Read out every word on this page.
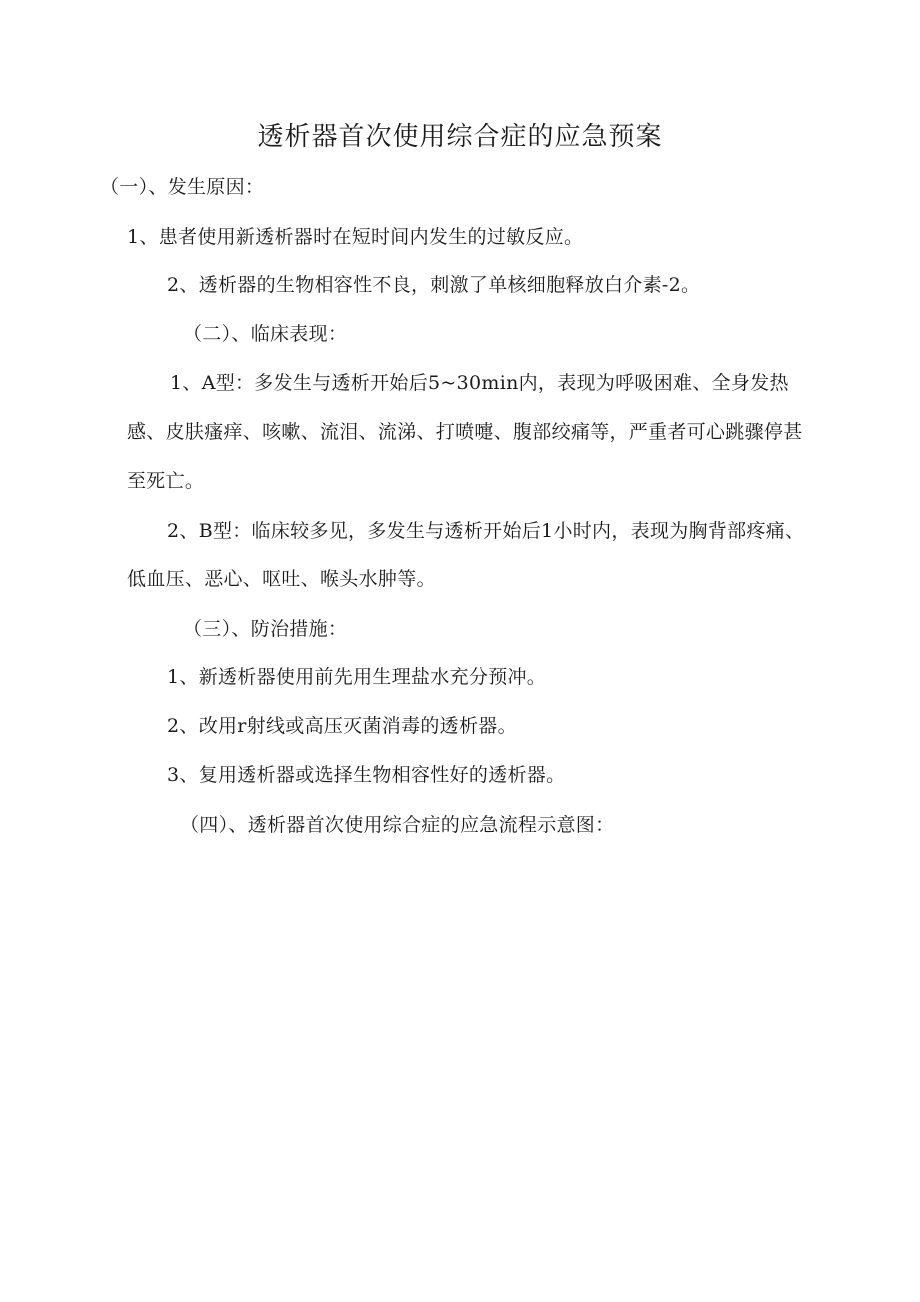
透析器首次使用综合症的应急预案
（一）、发生原因：
1、患者使用新透析器时在短时间内发生的过敏反应。
2、透析器的生物相容性不良，刺激了单核细胞释放白介素-2。
（二）、临床表现：
1、A型：多发生与透析开始后5~30min内，表现为呼吸困难、全身发热
感、皮肤瘙痒、咳嗽、流泪、流涕、打喷嚏、腹部绞痛等，严重者可心跳骤停甚
至死亡。
2、B型：临床较多见，多发生与透析开始后1小时内，表现为胸背部疼痛、
低血压、恶心、呕吐、喉头水肿等。
（三）、防治措施：
1、新透析器使用前先用生理盐水充分预冲。
2、改用r射线或高压灭菌消毒的透析器。
3、复用透析器或选择生物相容性好的透析器。
（四）、透析器首次使用综合症的应急流程示意图：
